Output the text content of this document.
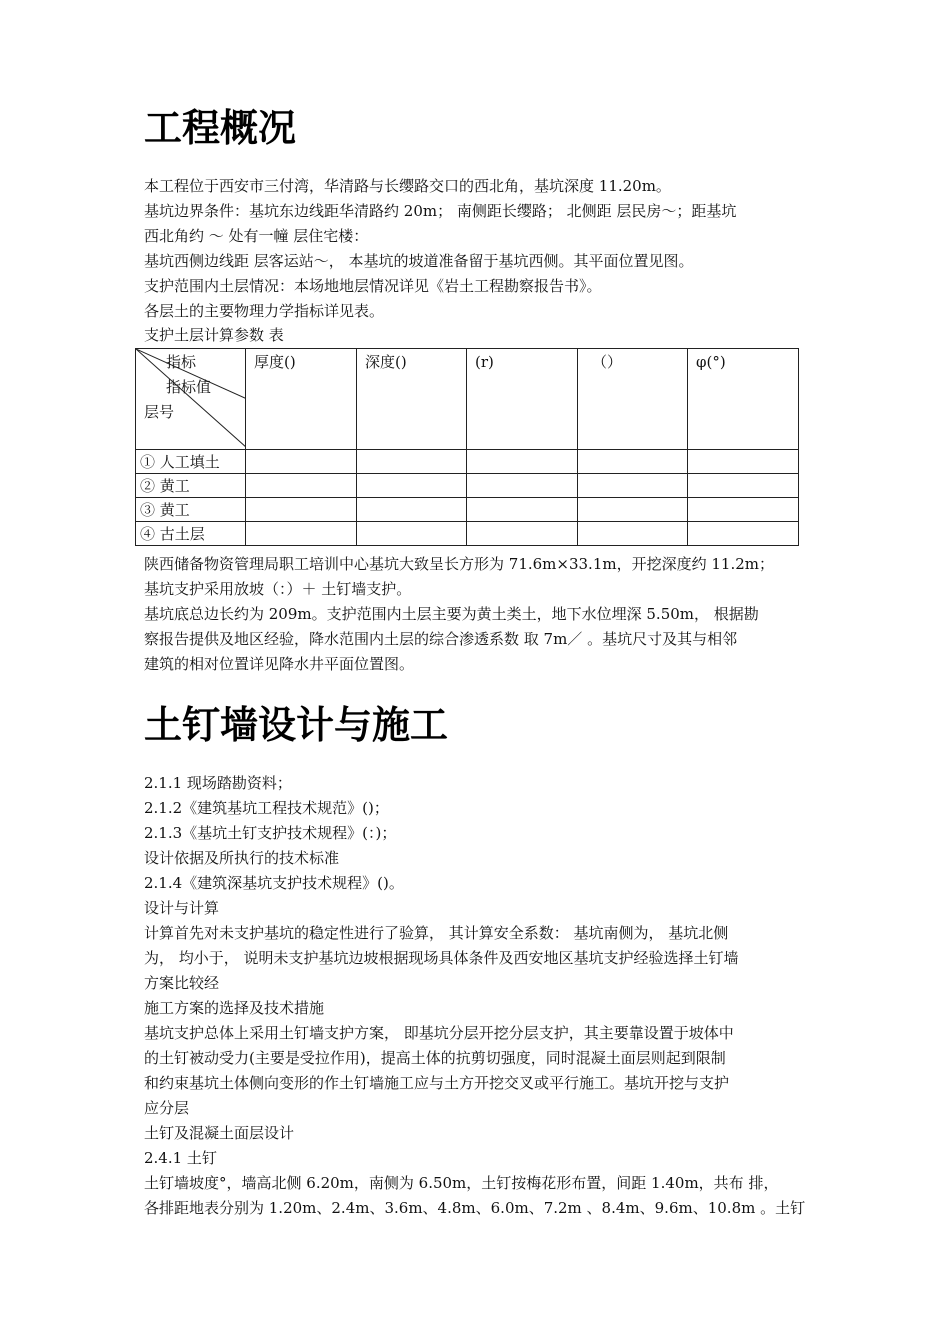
工程概况

本工程位于西安市三付湾，华清路与长缨路交口的西北角，基坑深度 11.20m。

基坑边界条件：基坑东边线距华清路约 20m； 南侧距长缨路； 北侧距 层民房～；距基坑

西北角约 ～ 处有一幢 层住宅楼：

基坑西侧边线距 层客运站～， 本基坑的坡道准备留于基坑西侧。其平面位置见图。

支护范围内土层情况：本场地地层情况详见《岩土工程勘察报告书》。

各层土的主要物理力学指标详见表。

支护土层计算参数 表

指标
指标值
层号	厚度()	深度()	(r)	（）	φ(°)
① 人工填土					
② 黄工					
③ 黄工					
④ 古土层					

陕西储备物资管理局职工培训中心基坑大致呈长方形为 71.6m×33.1m，开挖深度约 11.2m；

基坑支护采用放坡（：）＋ 土钉墙支护。

基坑底总边长约为 209m。支护范围内土层主要为黄土类土，地下水位埋深 5.50m， 根据勘

察报告提供及地区经验，降水范围内土层的综合渗透系数 取 7m／ 。基坑尺寸及其与相邻

建筑的相对位置详见降水井平面位置图。

土钉墙设计与施工

2.1.1 现场踏勘资料；

2.1.2《建筑基坑工程技术规范》()；

2.1.3《基坑土钉支护技术规程》(：)；

设计依据及所执行的技术标准

2.1.4《建筑深基坑支护技术规程》()。

设计与计算

计算首先对未支护基坑的稳定性进行了验算， 其计算安全系数： 基坑南侧为， 基坑北侧

为， 均小于， 说明未支护基坑边坡根据现场具体条件及西安地区基坑支护经验选择土钉墙

方案比较经

施工方案的选择及技术措施

基坑支护总体上采用土钉墙支护方案， 即基坑分层开挖分层支护，其主要靠设置于坡体中

的土钉被动受力(主要是受拉作用)，提高土体的抗剪切强度，同时混凝土面层则起到限制

和约束基坑土体侧向变形的作土钉墙施工应与土方开挖交叉或平行施工。基坑开挖与支护

应分层

土钉及混凝土面层设计

2.4.1 土钉

土钉墙坡度°，墙高北侧 6.20m，南侧为 6.50m，土钉按梅花形布置，间距 1.40m，共布 排，

各排距地表分别为 1.20m、2.4m、3.6m、4.8m、6.0m、7.2m 、8.4m、9.6m、10.8m 。土钉
